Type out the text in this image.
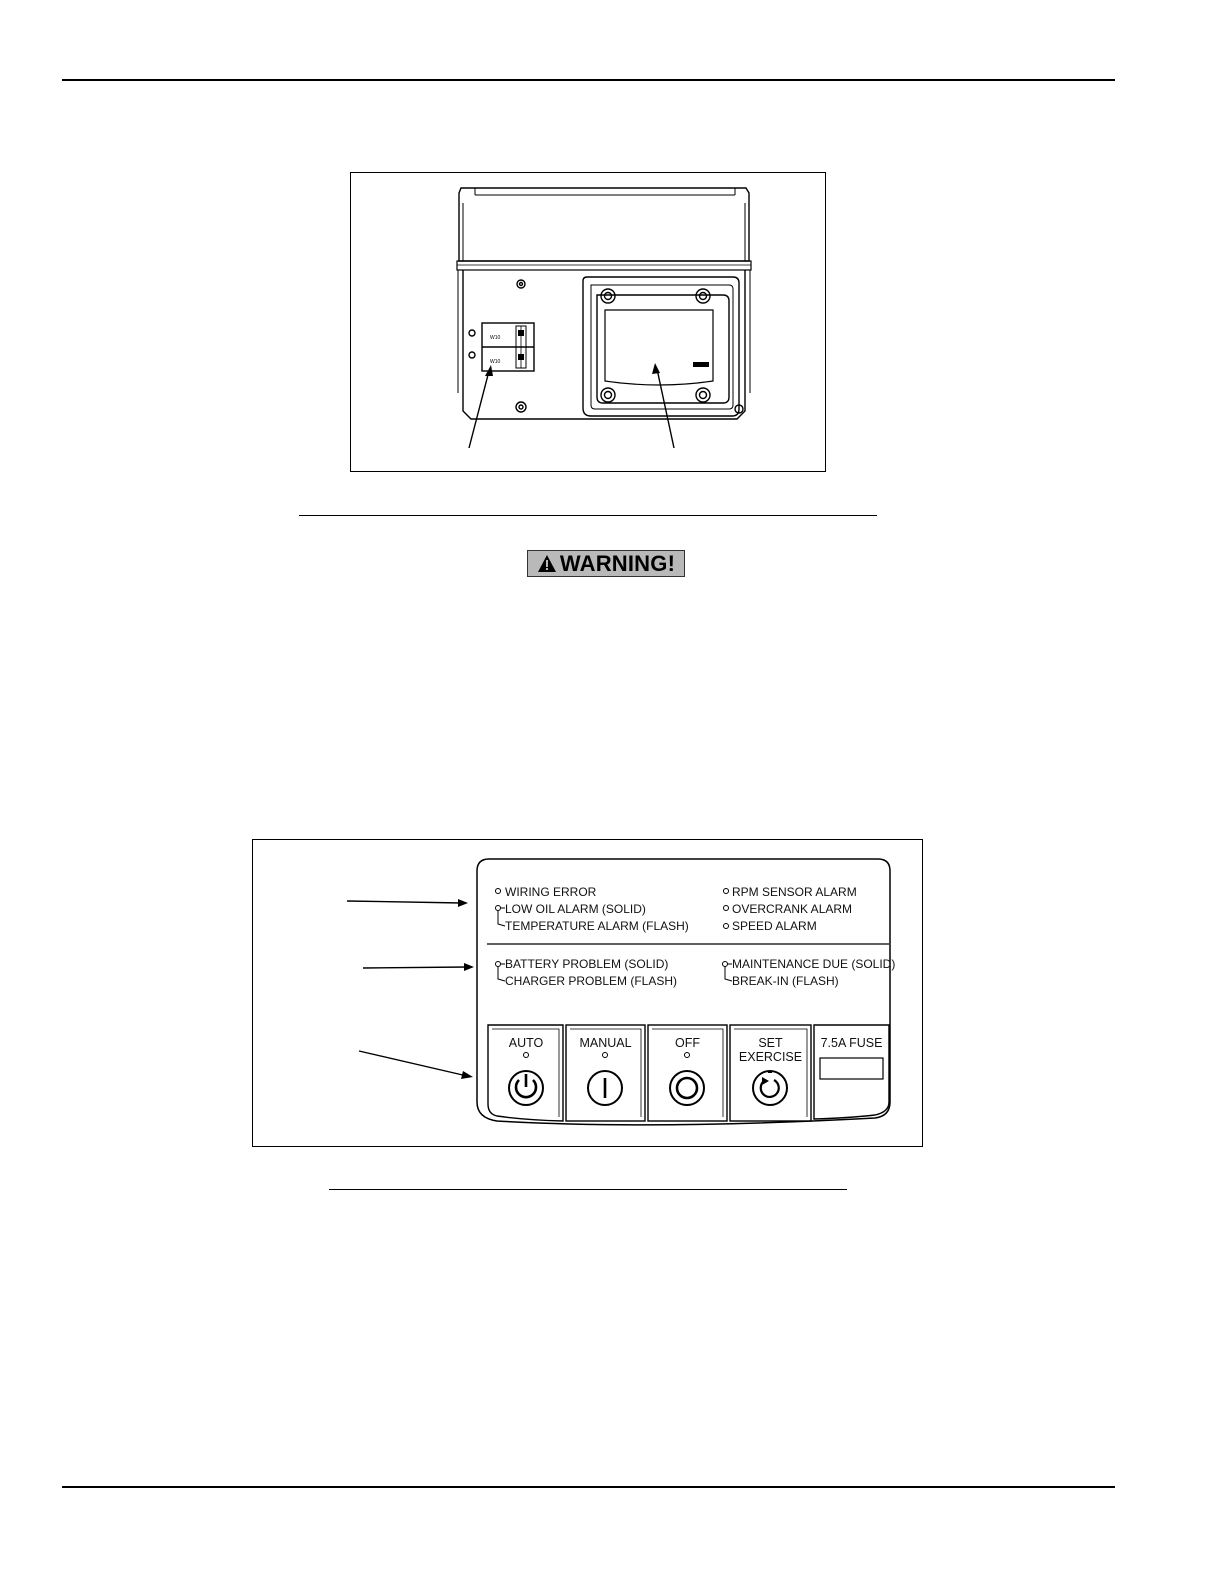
W10
W10
WARNING!
WIRING ERROR
LOW OIL ALARM (SOLID)
TEMPERATURE ALARM (FLASH)
RPM SENSOR ALARM
OVERCRANK ALARM
SPEED ALARM
BATTERY PROBLEM (SOLID)
CHARGER PROBLEM (FLASH)
MAINTENANCE DUE (SOLID)
BREAK-IN (FLASH)
AUTO	MANUAL	OFF	SET
EXERCISE
7.5A FUSE
